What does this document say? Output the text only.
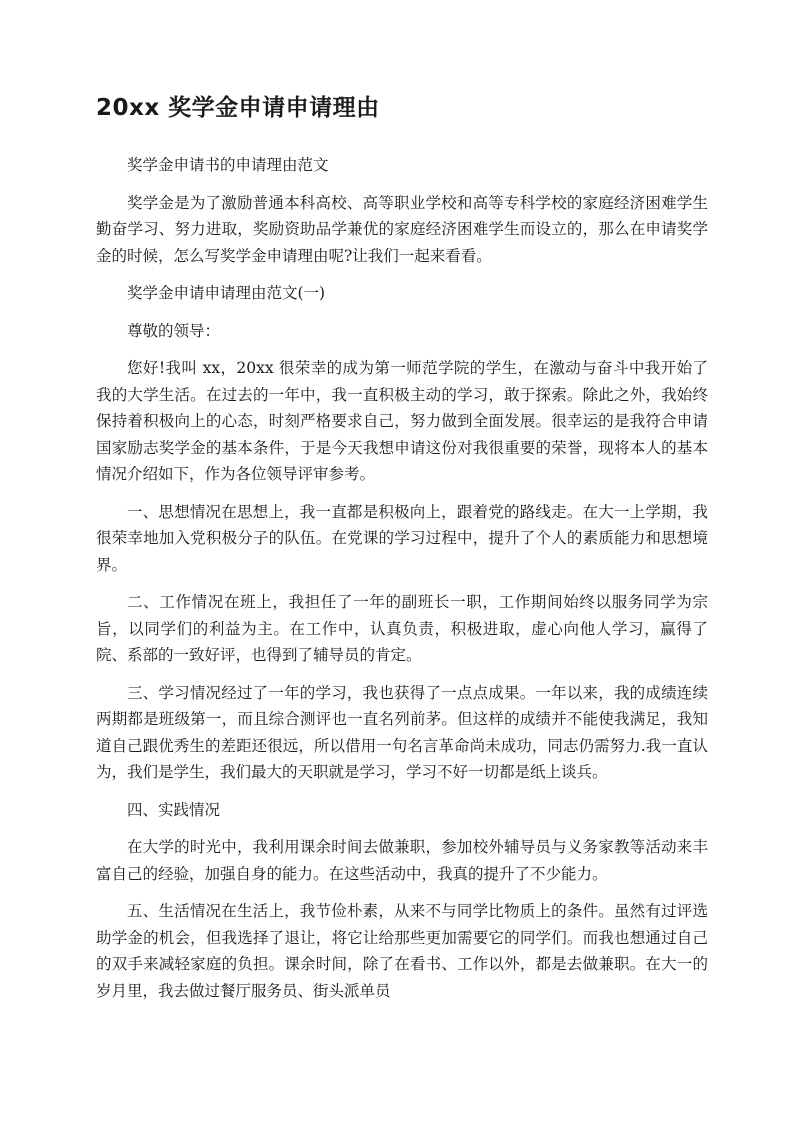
20xx 奖学金申请申请理由

奖学金申请书的申请理由范文

奖学金是为了激励普通本科高校、高等职业学校和高等专科学校的家庭经济困难学生勤奋学习、努力进取，奖励资助品学兼优的家庭经济困难学生而设立的，那么在申请奖学金的时候，怎么写奖学金申请理由呢?让我们一起来看看。

奖学金申请申请理由范文(一)

尊敬的领导：

您好!我叫 xx，20xx 很荣幸的成为第一师范学院的学生，在激动与奋斗中我开始了我的大学生活。在过去的一年中，我一直积极主动的学习，敢于探索。除此之外，我始终保持着积极向上的心态，时刻严格要求自己，努力做到全面发展。很幸运的是我符合申请国家励志奖学金的基本条件，于是今天我想申请这份对我很重要的荣誉，现将本人的基本情况介绍如下，作为各位领导评审参考。

一、思想情况在思想上，我一直都是积极向上，跟着党的路线走。在大一上学期，我很荣幸地加入党积极分子的队伍。在党课的学习过程中，提升了个人的素质能力和思想境界。

二、工作情况在班上，我担任了一年的副班长一职，工作期间始终以服务同学为宗旨，以同学们的利益为主。在工作中，认真负责，积极进取，虚心向他人学习，赢得了院、系部的一致好评，也得到了辅导员的肯定。

三、学习情况经过了一年的学习，我也获得了一点点成果。一年以来，我的成绩连续两期都是班级第一，而且综合测评也一直名列前茅。但这样的成绩并不能使我满足，我知道自己跟优秀生的差距还很远，所以借用一句名言革命尚未成功，同志仍需努力.我一直认为，我们是学生，我们最大的天职就是学习，学习不好一切都是纸上谈兵。

四、实践情况

在大学的时光中，我利用课余时间去做兼职，参加校外辅导员与义务家教等活动来丰富自己的经验，加强自身的能力。在这些活动中，我真的提升了不少能力。

五、生活情况在生活上，我节俭朴素，从来不与同学比物质上的条件。虽然有过评选助学金的机会，但我选择了退让，将它让给那些更加需要它的同学们。而我也想通过自己的双手来减轻家庭的负担。课余时间，除了在看书、工作以外，都是去做兼职。在大一的岁月里，我去做过餐厅服务员、街头派单员
